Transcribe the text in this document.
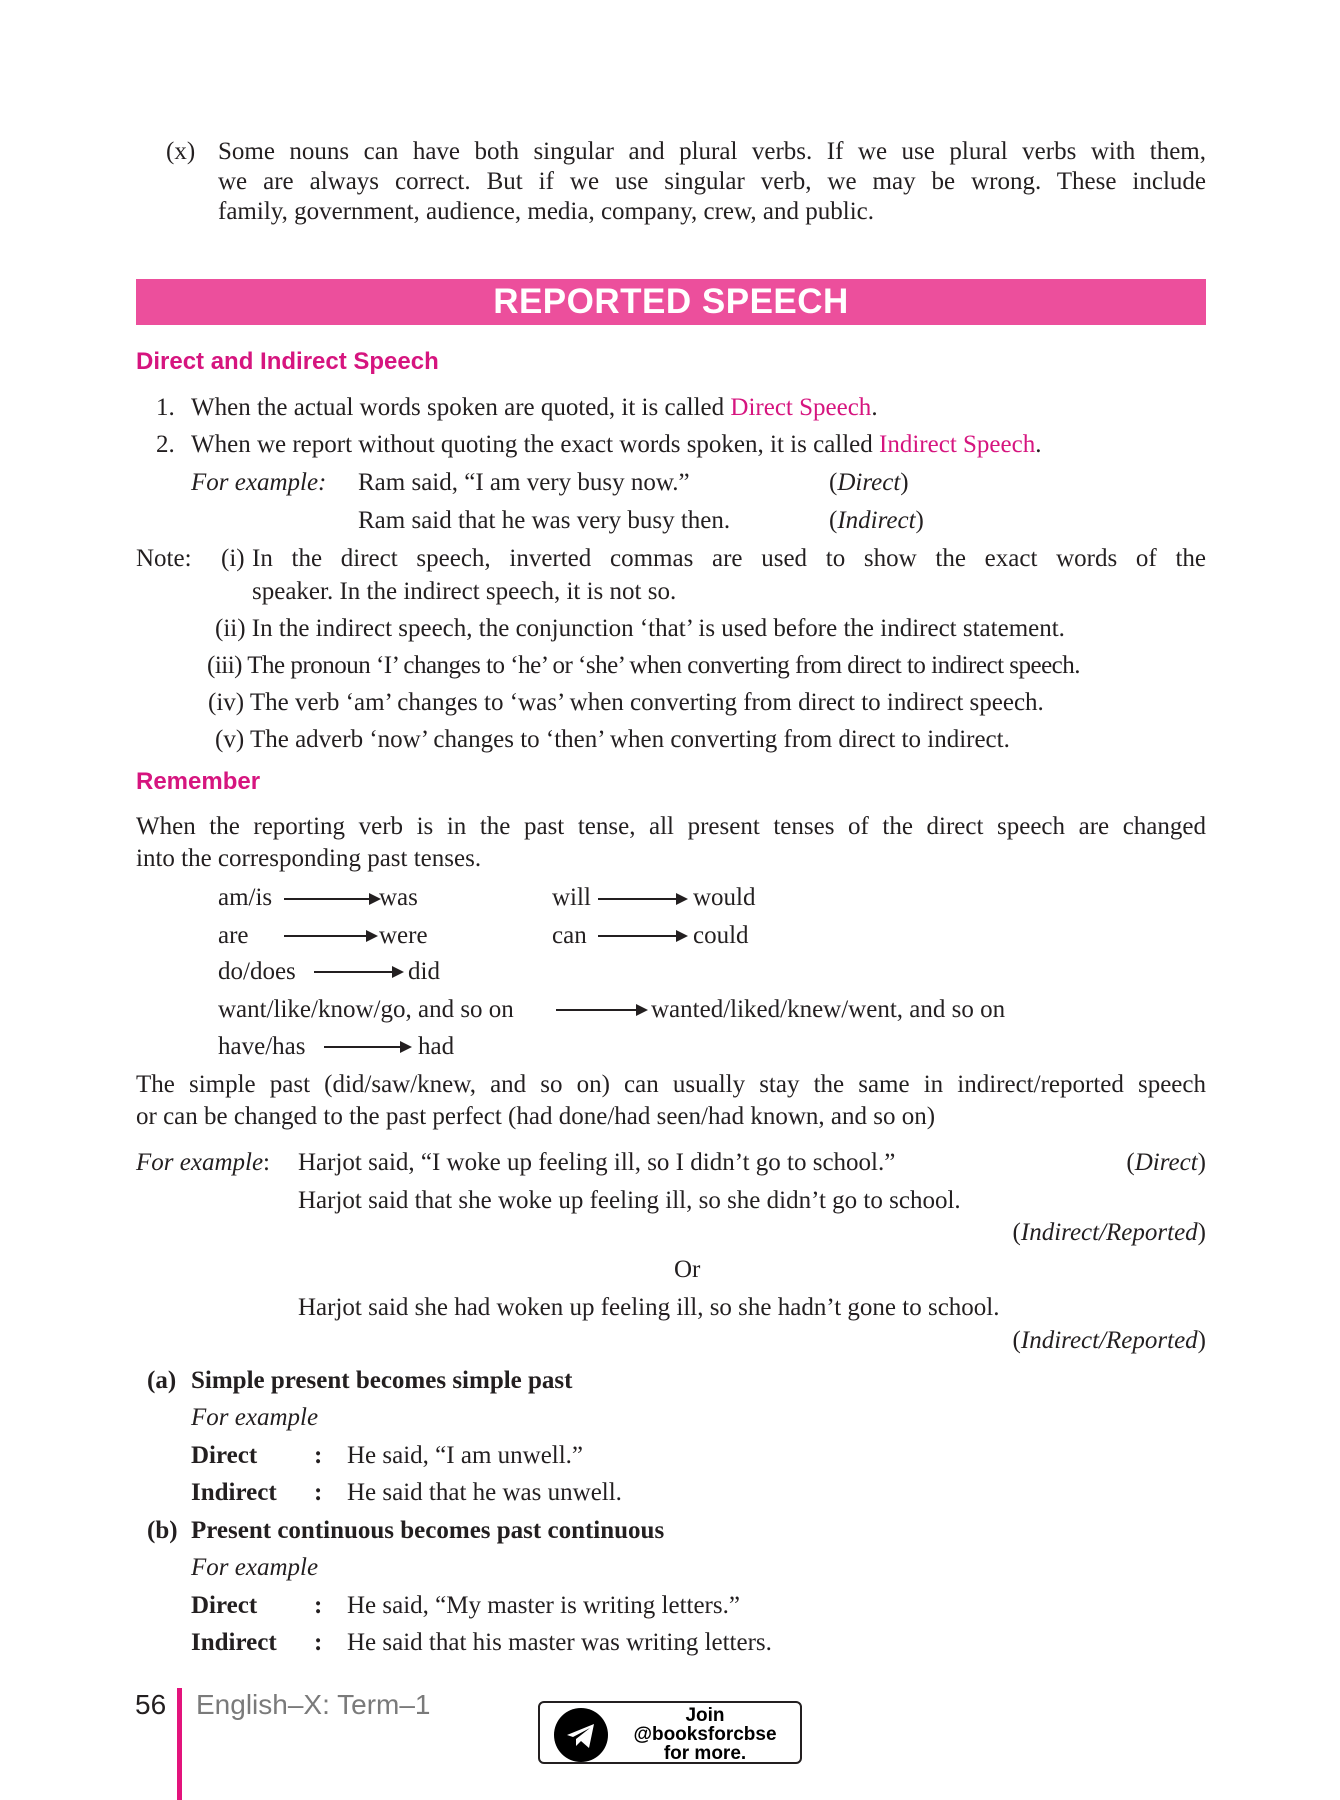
(x) Some nouns can have both singular and plural verbs. If we use plural verbs with them,
we are always correct. But if we use singular verb, we may be wrong. These include
family, government, audience, media, company, crew, and public.
REPORTED SPEECH
Direct and Indirect Speech
1. When the actual words spoken are quoted, it is called Direct Speech.
2. When we report without quoting the exact words spoken, it is called Indirect Speech.
For example: Ram said, “I am very busy now.”	(Direct)
Ram said that he was very busy then.	(Indirect)
Note: (i) In the direct speech, inverted commas are used to show the exact words of the
speaker. In the indirect speech, it is not so.
(ii) In the indirect speech, the conjunction ‘that’ is used before the indirect statement.
(iii) The pronoun ‘I’ changes to ‘he’ or ‘she’ when converting from direct to indirect speech.
(iv) The verb ‘am’ changes to ‘was’ when converting from direct to indirect speech.
(v) The adverb ‘now’ changes to ‘then’ when converting from direct to indirect.
Remember
When the reporting verb is in the past tense, all present tenses of the direct speech are changed
into the corresponding past tenses.
am/is	was	will	would
are	were	can	could
do/does	did
want/like/know/go, and so on	wanted/liked/knew/went, and so on
have/has	had
The simple past (did/saw/knew, and so on) can usually stay the same in indirect/reported speech
or can be changed to the past perfect (had done/had seen/had known, and so on)
For example: Harjot said, “I woke up feeling ill, so I didn’t go to school.”	(Direct)
Harjot said that she woke up feeling ill, so she didn’t go to school.
(Indirect/Reported)
Or
Harjot said she had woken up feeling ill, so she hadn’t gone to school.
(Indirect/Reported)
(a) Simple present becomes simple past
For example
Direct : He said, “I am unwell.”
Indirect : He said that he was unwell.
(b) Present continuous becomes past continuous
For example
Direct : He said, “My master is writing letters.”
Indirect : He said that his master was writing letters.
56 English–X: Term–1	Join
@booksforcbse
for more.
